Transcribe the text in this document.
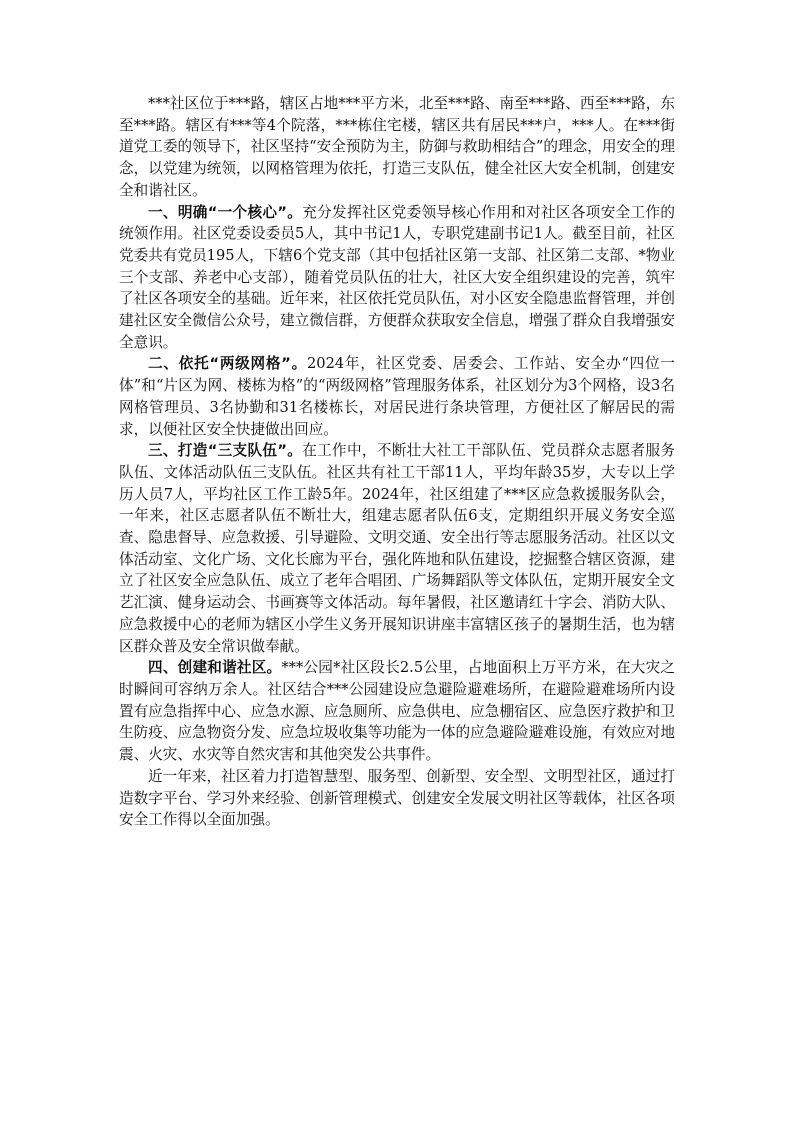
***社区位于***路，辖区占地***平方米，北至***路、南至***路、西至***路，东至***路。辖区有***等4个院落，***栋住宅楼，辖区共有居民***户，***人。在***街道党工委的领导下，社区坚持“安全预防为主，防御与救助相结合”的理念，用安全的理念，以党建为统领，以网格管理为依托，打造三支队伍，健全社区大安全机制，创建安全和谐社区。

一、明确“一个核心”。充分发挥社区党委领导核心作用和对社区各项安全工作的统领作用。社区党委设委员5人，其中书记1人，专职党建副书记1人。截至目前，社区党委共有党员195人，下辖6个党支部（其中包括社区第一支部、社区第二支部、*物业三个支部、养老中心支部），随着党员队伍的壮大，社区大安全组织建设的完善，筑牢了社区各项安全的基础。近年来，社区依托党员队伍，对小区安全隐患监督管理，并创建社区安全微信公众号，建立微信群，方便群众获取安全信息，增强了群众自我增强安全意识。

二、依托“两级网格”。2024年，社区党委、居委会、工作站、安全办“四位一体”和“片区为网、楼栋为格”的“两级网格”管理服务体系，社区划分为3个网格，设3名网格管理员、3名协勤和31名楼栋长，对居民进行条块管理，方便社区了解居民的需求，以便社区安全快捷做出回应。

三、打造“三支队伍”。在工作中，不断壮大社工干部队伍、党员群众志愿者服务队伍、文体活动队伍三支队伍。社区共有社工干部11人，平均年龄35岁，大专以上学历人员7人，平均社区工作工龄5年。2024年，社区组建了***区应急救援服务队会，一年来，社区志愿者队伍不断壮大，组建志愿者队伍6支，定期组织开展义务安全巡查、隐患督导、应急救援、引导避险、文明交通、安全出行等志愿服务活动。社区以文体活动室、文化广场、文化长廊为平台，强化阵地和队伍建设，挖掘整合辖区资源，建立了社区安全应急队伍、成立了老年合唱团、广场舞蹈队等文体队伍，定期开展安全文艺汇演、健身运动会、书画赛等文体活动。每年暑假，社区邀请红十字会、消防大队、应急救援中心的老师为辖区小学生义务开展知识讲座丰富辖区孩子的暑期生活，也为辖区群众普及安全常识做奉献。

四、创建和谐社区。***公园*社区段长2.5公里，占地面积上万平方米，在大灾之时瞬间可容纳万余人。社区结合***公园建设应急避险避难场所，在避险避难场所内设置有应急指挥中心、应急水源、应急厕所、应急供电、应急棚宿区、应急医疗救护和卫生防疫、应急物资分发、应急垃圾收集等功能为一体的应急避险避难设施，有效应对地震、火灾、水灾等自然灾害和其他突发公共事件。

近一年来，社区着力打造智慧型、服务型、创新型、安全型、文明型社区，通过打造数字平台、学习外来经验、创新管理模式、创建安全发展文明社区等载体，社区各项安全工作得以全面加强。
